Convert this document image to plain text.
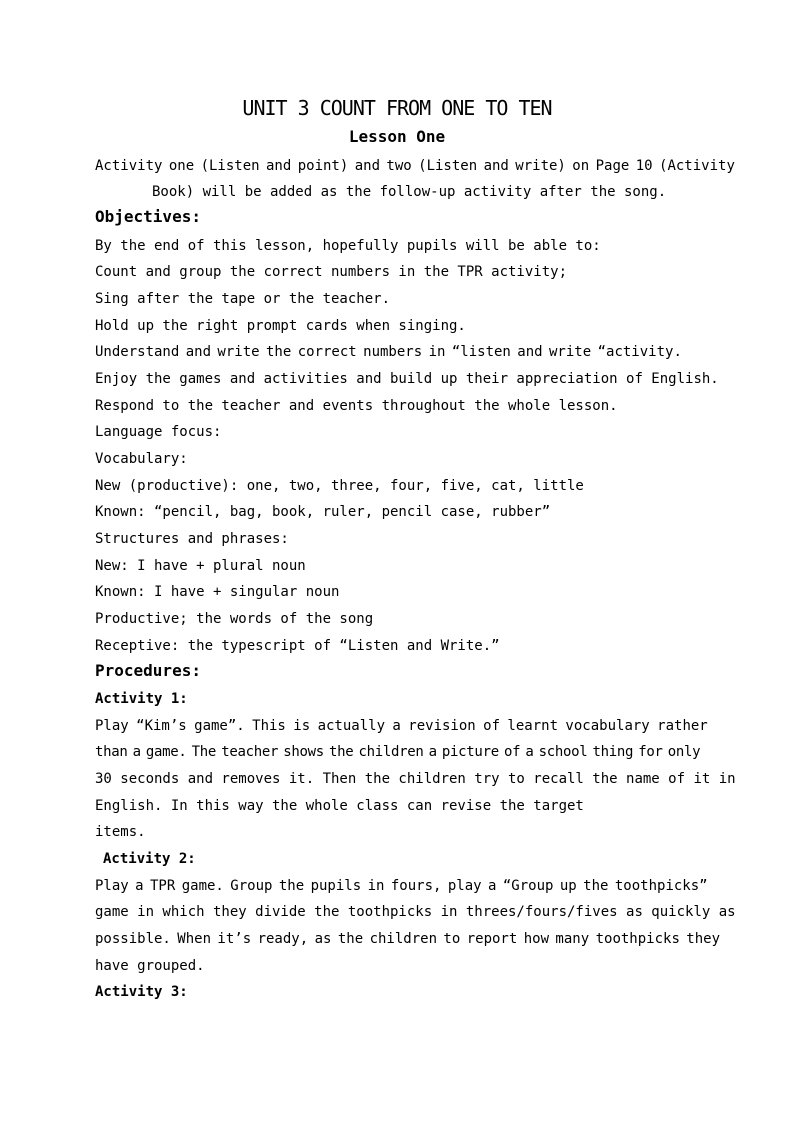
UNIT 3 COUNT FROM ONE TO TEN
Lesson One
Activity one (Listen and point) and two (Listen and write) on Page 10 (Activity
Book) will be added as the follow-up activity after the song.
Objectives:
By the end of this lesson, hopefully pupils will be able to:
Count and group the correct numbers in the TPR activity;
Sing after the tape or the teacher.
Hold up the right prompt cards when singing.
Understand and write the correct numbers in “listen and write “activity.
Enjoy the games and activities and build up their appreciation of English.
Respond to the teacher and events throughout the whole lesson.
Language focus:
Vocabulary:
New (productive): one, two, three, four, five, cat, little
Known: “pencil, bag, book, ruler, pencil case, rubber”
Structures and phrases:
New: I have + plural noun
Known: I have + singular noun
Productive; the words of the song
Receptive: the typescript of “Listen and Write.”
Procedures:
Activity 1:
Play “Kim’s game”. This is actually a revision of learnt vocabulary rather
than a game. The teacher shows the children a picture of a school thing for only
30 seconds and removes it. Then the children try to recall the name of it in
English. In this way the whole class can revise the target
items.
Activity 2:
Play a TPR game. Group the pupils in fours, play a “Group up the toothpicks”
game in which they divide the toothpicks in threes/fours/fives as quickly as
possible. When it’s ready, as the children to report how many toothpicks they
have grouped.
Activity 3:
